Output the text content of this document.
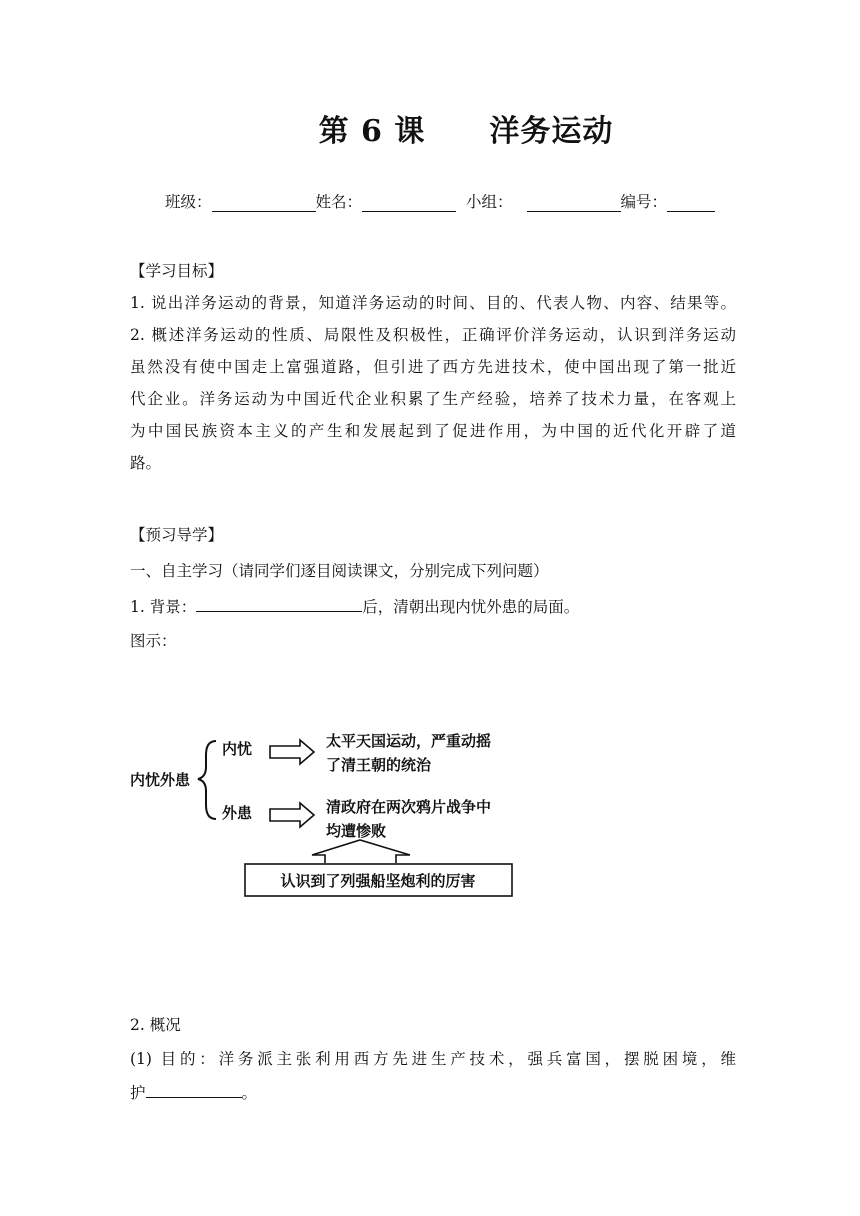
第 6 课 洋务运动
班级：	姓名：	小组：	编号：
【学习目标】
1. 说出洋务运动的背景，知道洋务运动的时间、目的、代表人物、内容、结果等。
2. 概述洋务运动的性质、局限性及积极性，正确评价洋务运动，认识到洋务运动
虽然没有使中国走上富强道路，但引进了西方先进技术，使中国出现了第一批近
代企业。洋务运动为中国近代企业积累了生产经验，培养了技术力量，在客观上
为中国民族资本主义的产生和发展起到了促进作用，为中国的近代化开辟了道
路。
【预习导学】
一、自主学习（请同学们逐目阅读课文，分别完成下列问题）
1. 背景：	后，清朝出现内忧外患的局面。
图示：
内忧外患
内忧
外患
太平天国运动，严重动摇
了清王朝的统治
清政府在两次鸦片战争中
均遭惨败
认识到了列强船坚炮利的厉害
2. 概况
(1) 目的：洋务派主张利用西方先进生产技术，强兵富国，摆脱困境，维
护	。
